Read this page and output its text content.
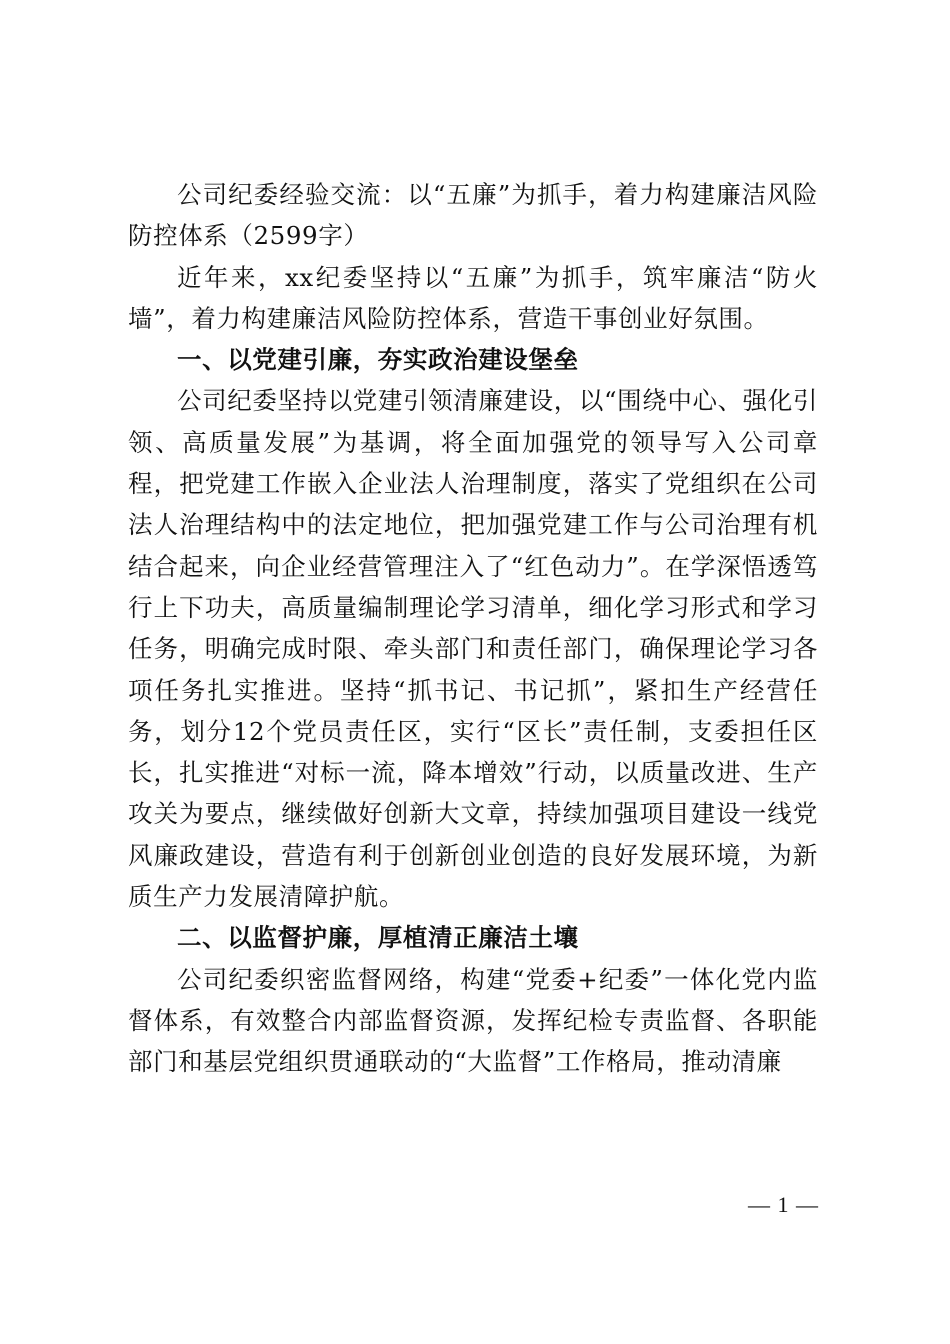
公司纪委经验交流：以“五廉”为抓手，着力构建廉洁风险防控体系（2599字）

近年来，xx纪委坚持以“五廉”为抓手，筑牢廉洁“防火墙”，着力构建廉洁风险防控体系，营造干事创业好氛围。

一、以党建引廉，夯实政治建设堡垒

公司纪委坚持以党建引领清廉建设，以“围绕中心、强化引领、高质量发展”为基调，将全面加强党的领导写入公司章程，把党建工作嵌入企业法人治理制度，落实了党组织在公司法人治理结构中的法定地位，把加强党建工作与公司治理有机结合起来，向企业经营管理注入了“红色动力”。在学深悟透笃行上下功夫，高质量编制理论学习清单，细化学习形式和学习任务，明确完成时限、牵头部门和责任部门，确保理论学习各项任务扎实推进。坚持“抓书记、书记抓”，紧扣生产经营任务，划分12个党员责任区，实行“区长”责任制，支委担任区长，扎实推进“对标一流，降本增效”行动，以质量改进、生产攻关为要点，继续做好创新大文章，持续加强项目建设一线党风廉政建设，营造有利于创新创业创造的良好发展环境，为新质生产力发展清障护航。

二、以监督护廉，厚植清正廉洁土壤

公司纪委织密监督网络，构建“党委+纪委”一体化党内监督体系，有效整合内部监督资源，发挥纪检专责监督、各职能部门和基层党组织贯通联动的“大监督”工作格局，推动清廉

— 1 —
